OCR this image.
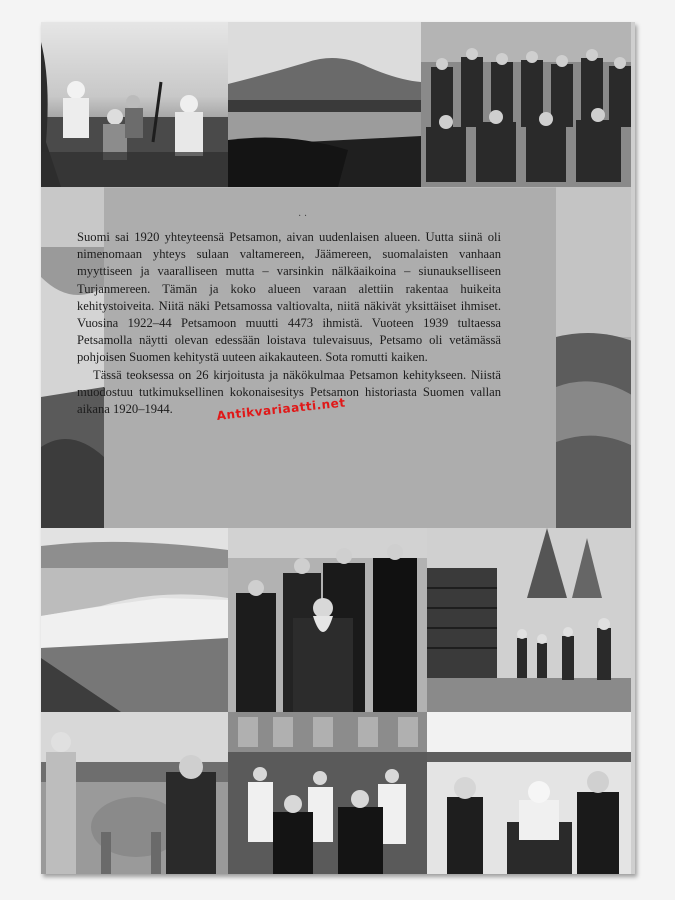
· ·

Suomi sai 1920 yhteyteensä Petsamon, aivan uudenlaisen alueen. Uutta siinä oli nimenomaan yhteys sulaan valtamereen, Jäämereen, suomalaisten vanhaan myyttiseen ja vaaralliseen mutta – varsinkin nälkäaikoina – siunaukselliseen Turjanmereen. Tämän ja koko alueen varaan alettiin rakentaa huikeita kehitystoiveita. Niitä näki Petsamossa valtiovalta, niitä näkivät yksittäiset ihmiset. Vuosina 1922–44 Petsamoon muutti 4473 ihmistä. Vuoteen 1939 tultaessa Petsamolla näytti olevan edessään loistava tulevaisuus, Petsamo oli vetämässä pohjoisen Suomen kehitystä uuteen aikakauteen. Sota romutti kaiken.

Tässä teoksessa on 26 kirjoitusta ja näkökulmaa Petsamon kehitykseen. Niistä muodostuu tutkimuksellinen kokonaisesitys Petsamon historiasta Suomen vallan aikana 1920–1944.	Antikvariaatti.net
